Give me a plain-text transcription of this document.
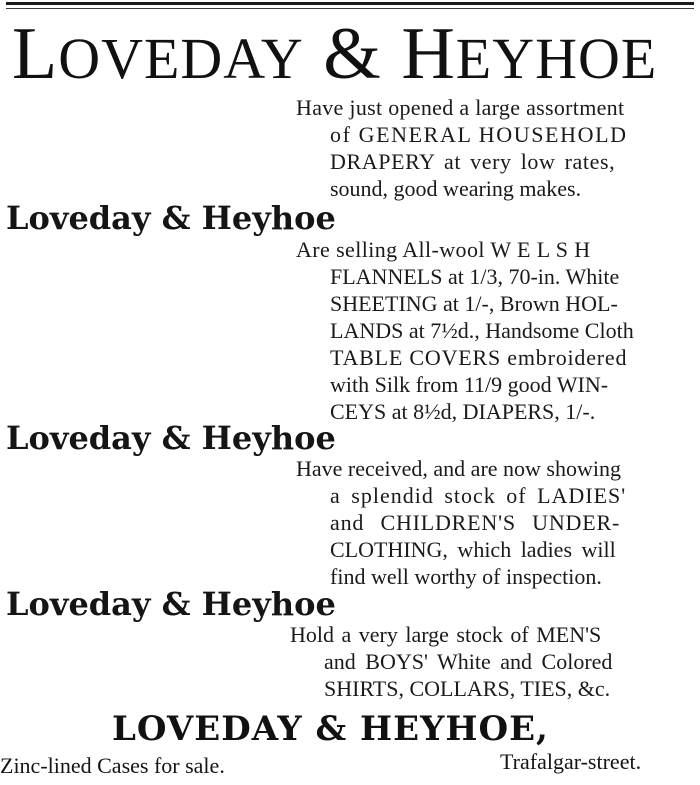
LOVEDAY & HEYHOE
Have just opened a large assortment
of GENERAL HOUSEHOLD
DRAPERY at very low rates,
sound, good wearing makes.
Loveday & Heyhoe
Are selling All-wool W E L S H
FLANNELS at 1/3, 70-in. White
SHEETING at 1/-, Brown HOL-
LANDS at 7½d., Handsome Cloth
TABLE COVERS embroidered
with Silk from 11/9 good WIN-
CEYS at 8½d, DIAPERS, 1/-.
Loveday & Heyhoe
Have received, and are now showing
a splendid stock of LADIES'
and CHILDREN'S UNDER-
CLOTHING, which ladies will
find well worthy of inspection.
Loveday & Heyhoe
Hold a very large stock of MEN'S
and BOYS' White and Colored
SHIRTS, COLLARS, TIES, &c.
LOVEDAY & HEYHOE,
Zinc-lined Cases for sale.	Trafalgar-street.
